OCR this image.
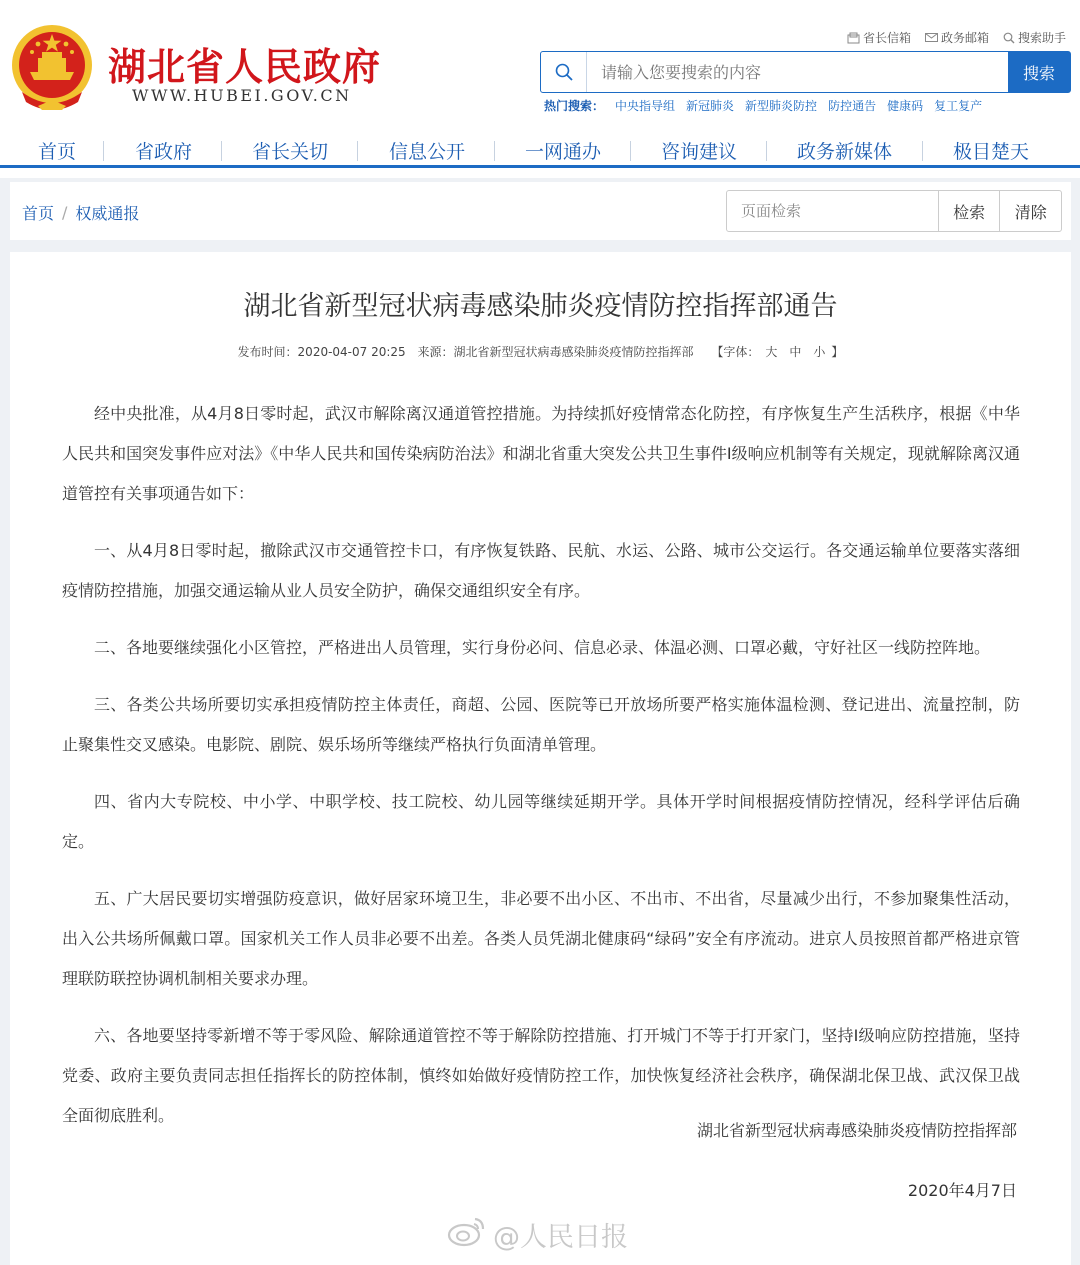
湖北省人民政府
WWW.HUBEI.GOV.CN
省长信箱	政务邮箱 搜索助手
请输入您要搜索的内容
搜索
热门搜索： 中央指导组 新冠肺炎 新型肺炎防控 防控通告 健康码 复工复产
首页	省政府	省长关切	信息公开	一网通办	咨询建议	政务新媒体	极目楚天
首页 / 权威通报
页面检索	检索	清除
湖北省新型冠状病毒感染肺炎疫情防控指挥部通告
发布时间：2020-04-07 20:25 来源：湖北省新型冠状病毒感染肺炎疫情防控指挥部 【字体： 大 中 小 】

经中央批准，从4月8日零时起，武汉市解除离汉通道管控措施。为持续抓好疫情常态化防控，有序恢复生产生活秩序，根据《中华人民共和国突发事件应对法》《中华人民共和国传染病防治法》和湖北省重大突发公共卫生事件I级响应机制等有关规定，现就解除离汉通道管控有关事项通告如下：

一、从4月8日零时起，撤除武汉市交通管控卡口，有序恢复铁路、民航、水运、公路、城市公交运行。各交通运输单位要落实落细疫情防控措施，加强交通运输从业人员安全防护，确保交通组织安全有序。

二、各地要继续强化小区管控，严格进出人员管理，实行身份必问、信息必录、体温必测、口罩必戴，守好社区一线防控阵地。

三、各类公共场所要切实承担疫情防控主体责任，商超、公园、医院等已开放场所要严格实施体温检测、登记进出、流量控制，防止聚集性交叉感染。电影院、剧院、娱乐场所等继续严格执行负面清单管理。

四、省内大专院校、中小学、中职学校、技工院校、幼儿园等继续延期开学。具体开学时间根据疫情防控情况，经科学评估后确定。

五、广大居民要切实增强防疫意识，做好居家环境卫生，非必要不出小区、不出市、不出省，尽量减少出行，不参加聚集性活动，出入公共场所佩戴口罩。国家机关工作人员非必要不出差。各类人员凭湖北健康码“绿码”安全有序流动。进京人员按照首都严格进京管理联防联控协调机制相关要求办理。

六、各地要坚持零新增不等于零风险、解除通道管控不等于解除防控措施、打开城门不等于打开家门，坚持I级响应防控措施，坚持党委、政府主要负责同志担任指挥长的防控体制，慎终如始做好疫情防控工作，加快恢复经济社会秩序，确保湖北保卫战、武汉保卫战全面彻底胜利。

湖北省新型冠状病毒感染肺炎疫情防控指挥部
2020年4月7日
@人民日报
